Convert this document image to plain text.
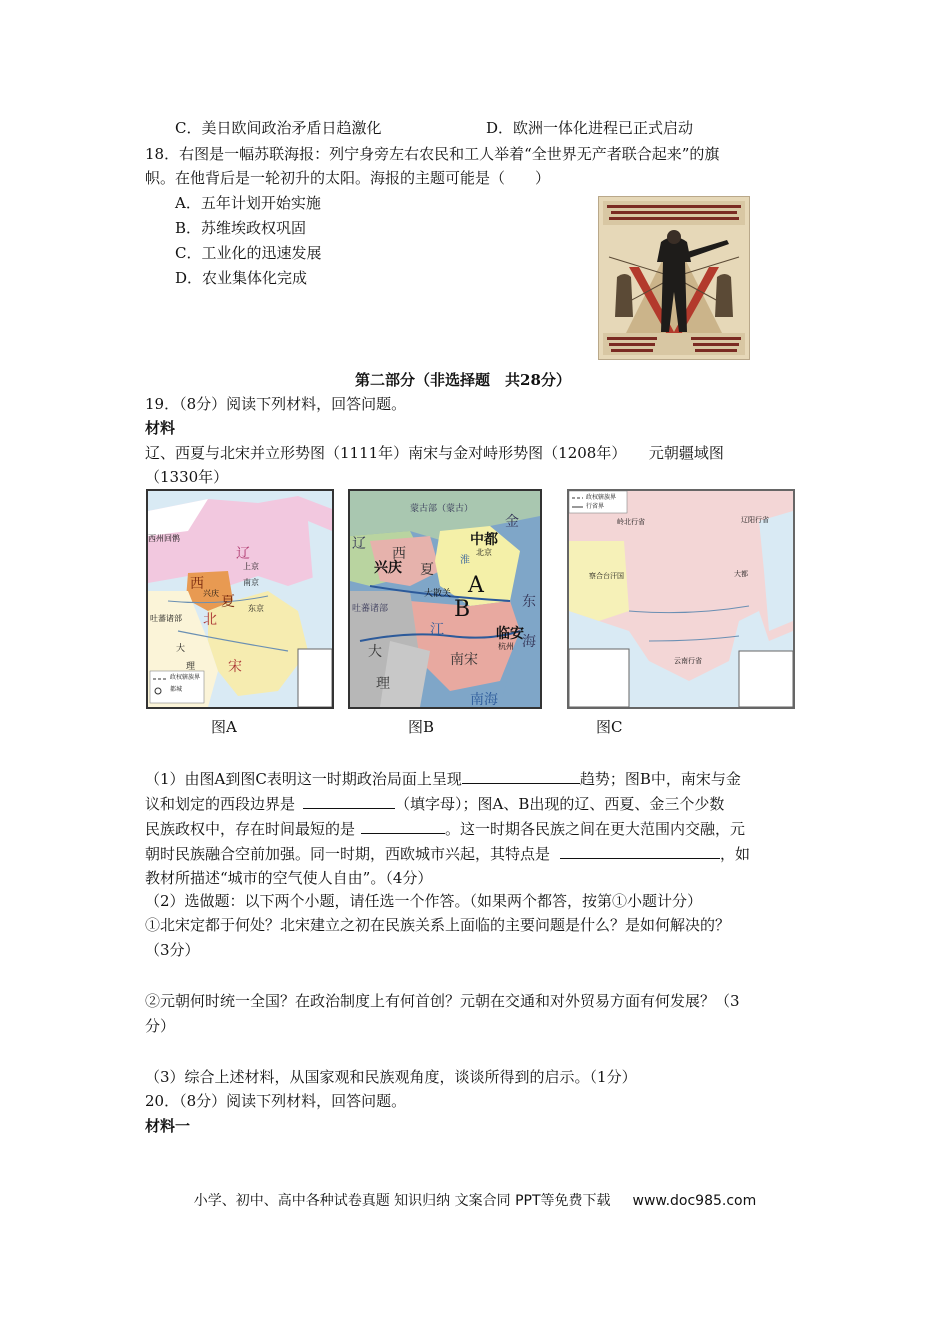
C．美日欧间政治矛盾日趋激化	D．欧洲一体化进程已正式启动
18．右图是一幅苏联海报：列宁身旁左右农民和工人举着“全世界无产者联合起来”的旗
帜。在他背后是一轮初升的太阳。海报的主题可能是（　　）
A．五年计划开始实施
B．苏维埃政权巩固
C．工业化的迅速发展
D．农业集体化完成
第二部分（非选择题　共28分）
19．（8分）阅读下列材料，回答问题。
材料
辽、西夏与北宋并立形势图（1111年）南宋与金对峙形势图（1208年）　　元朝疆域图
（1330年）
辽
西
夏
北
宋
西州回鹘
上京
兴庆
南京
吐蕃诸部
大
理
东京
政权辖族界
都城
蒙古部（蒙古）
金
辽
西
夏
兴庆
中都
北京
A
B
大散关
淮
吐蕃诸部
临安
杭州
东
海
南宋
大
理
江
南海
政权辖族界
行省界
岭北行省	辽阳行省
察合台汗国
云南行省
大都
图A	图B	图C
（1）由图A到图C表明这一时期政治局面上呈现	趋势；图B中，南宋与金
议和划定的西段边界是	（填字母）；图A、B出现的辽、西夏、金三个少数
民族政权中，存在时间最短的是	。这一时期各民族之间在更大范围内交融，元
朝时民族融合空前加强。同一时期，西欧城市兴起，其特点是	，如
教材所描述“城市的空气使人自由”。（4分）
（2）选做题：以下两个小题，请任选一个作答。（如果两个都答，按第①小题计分）
①北宋定都于何处？北宋建立之初在民族关系上面临的主要问题是什么？是如何解决的？
（3分）
②元朝何时统一全国？在政治制度上有何首创？元朝在交通和对外贸易方面有何发展？（3
分）
（3）综合上述材料，从国家观和民族观角度，谈谈所得到的启示。（1分）
20．（8分）阅读下列材料，回答问题。
材料一
小学、初中、高中各种试卷真题 知识归纳 文案合同 PPT等免费下载 www.doc985.com
